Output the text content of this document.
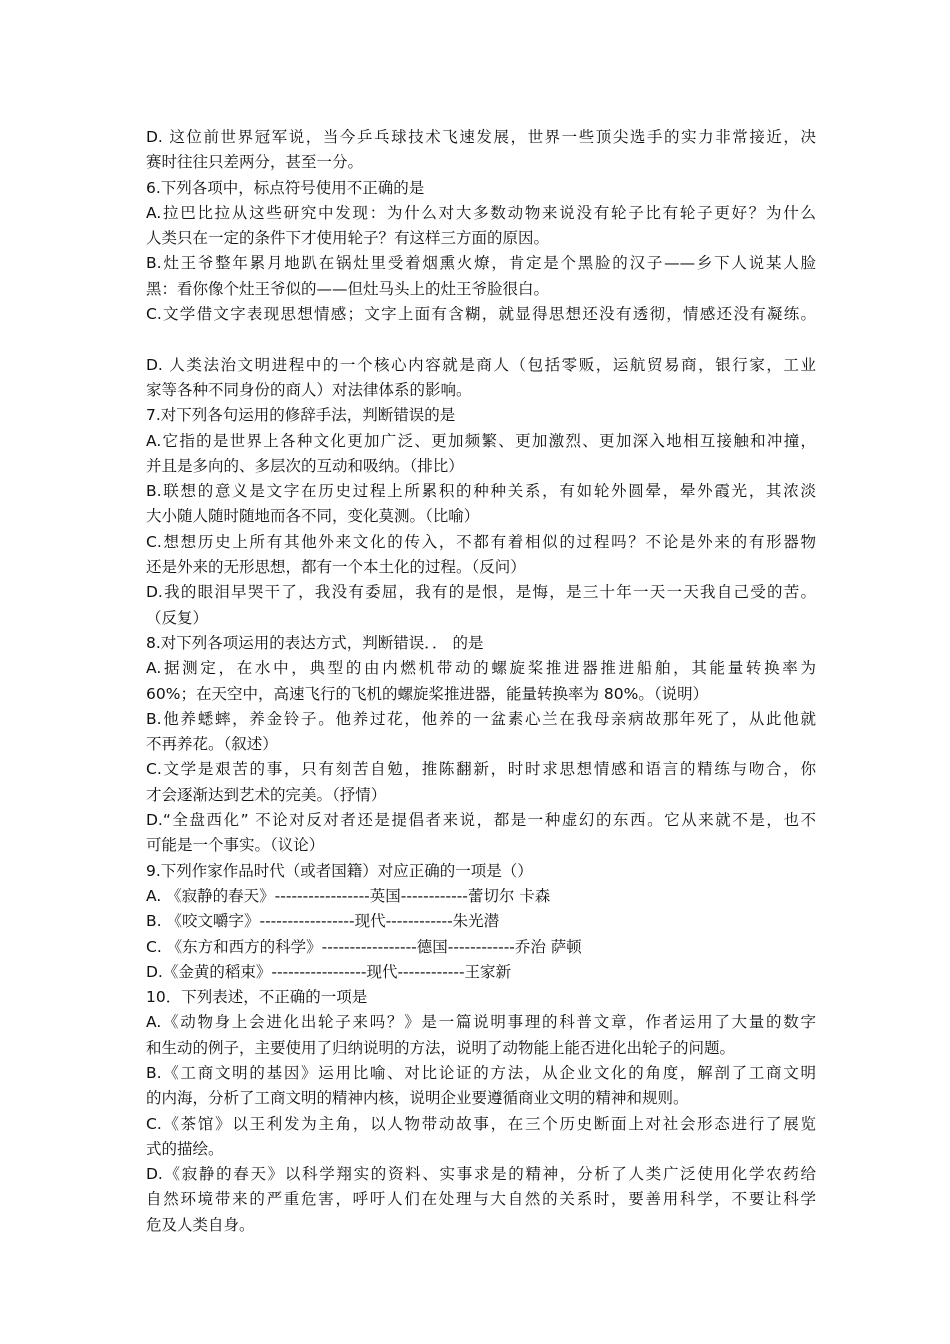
D. 这位前世界冠军说，当今乒乓球技术飞速发展，世界一些顶尖选手的实力非常接近，决
赛时往往只差两分，甚至一分。
6.下列各项中，标点符号使用不正确的是
A.拉巴比拉从这些研究中发现：为什么对大多数动物来说没有轮子比有轮子更好？为什么
人类只在一定的条件下才使用轮子？有这样三方面的原因。
B.灶王爷整年累月地趴在锅灶里受着烟熏火燎，肯定是个黑脸的汉子——乡下人说某人脸
黑：看你像个灶王爷似的——但灶马头上的灶王爷脸很白。
C.文学借文字表现思想情感；文字上面有含糊，就显得思想还没有透彻，情感还没有凝练。
D. 人类法治文明进程中的一个核心内容就是商人（包括零贩，运航贸易商，银行家，工业
家等各种不同身份的商人）对法律体系的影响。
7.对下列各句运用的修辞手法，判断错误的是
A.它指的是世界上各种文化更加广泛、更加频繁、更加激烈、更加深入地相互接触和冲撞，
并且是多向的、多层次的互动和吸纳。（排比）
B.联想的意义是文字在历史过程上所累积的种种关系，有如轮外圆晕，晕外霞光，其浓淡
大小随人随时随地而各不同，变化莫测。（比喻）
C.想想历史上所有其他外来文化的传入，不都有着相似的过程吗？不论是外来的有形器物
还是外来的无形思想，都有一个本土化的过程。（反问）
D.我的眼泪早哭干了，我没有委屈，我有的是恨，是悔，是三十年一天一天我自己受的苦。
（反复）
8.对下列各项运用的表达方式，判断错误．． 的是
A.据测定，在水中，典型的由内燃机带动的螺旋桨推进器推进船舶，其能量转换率为
60%；在天空中，高速飞行的飞机的螺旋桨推进器，能量转换率为 80%。（说明）
B.他养蟋蟀，养金铃子。他养过花，他养的一盆素心兰在我母亲病故那年死了，从此他就
不再养花。（叙述）
C.文学是艰苦的事，只有刻苦自勉，推陈翻新，时时求思想情感和语言的精练与吻合，你
才会逐渐达到艺术的完美。（抒情）
D.“全盘西化” 不论对反对者还是提倡者来说，都是一种虚幻的东西。它从来就不是，也不
可能是一个事实。（议论）
9.下列作家作品时代（或者国籍）对应正确的一项是（）
A. 《寂静的春天》-----------------英国------------蕾切尔 卡森
B. 《咬文嚼字》-----------------现代------------朱光潜
C. 《东方和西方的科学》-----------------德国------------乔治 萨顿
D.《金黄的稻束》-----------------现代------------王家新
10．下列表述，不正确的一项是
A.《动物身上会进化出轮子来吗？》是一篇说明事理的科普文章，作者运用了大量的数字
和生动的例子，主要使用了归纳说明的方法，说明了动物能上能否进化出轮子的问题。
B.《工商文明的基因》运用比喻、对比论证的方法，从企业文化的角度，解剖了工商文明
的内海，分析了工商文明的精神内核，说明企业要遵循商业文明的精神和规则。
C.《茶馆》以王利发为主角，以人物带动故事，在三个历史断面上对社会形态进行了展览
式的描绘。
D.《寂静的春天》以科学翔实的资料、实事求是的精神，分析了人类广泛使用化学农药给
自然环境带来的严重危害，呼吁人们在处理与大自然的关系时，要善用科学，不要让科学
危及人类自身。
